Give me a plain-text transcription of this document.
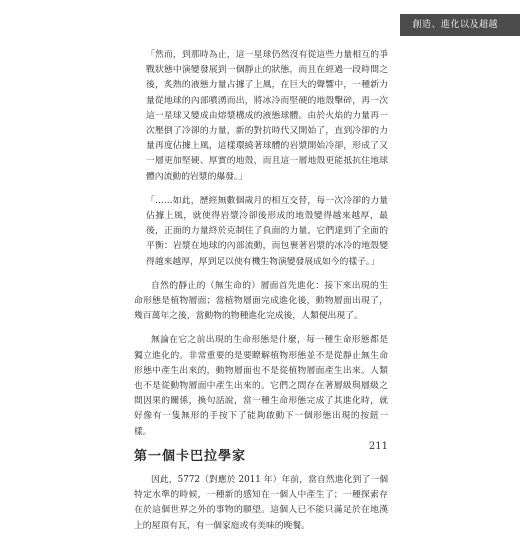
創造、進化以及超越

「然而，到那時為止，這一星球仍然沒有從這些力量相互的爭戰狀態中演變發展到一個靜止的狀態，而且在經過一段時間之後，炙熱的液態力量占據了上風，在巨大的聲響中，一種新力量從地球的內部噴湧而出，將冰冷而堅硬的地殼擊碎，再一次這一星球又變成由熔漿構成的液態球體。由於火焰的力量再一次壓倒了冷卻的力量，新的對抗時代又開始了，直到冷卻的力量再度佔據上風，這樣環繞著球體的岩漿開始冷卻，形成了又一層更加堅硬、厚實的地殼，而且這一層地殼更能抵抗住地球體內流動的岩漿的爆發。」

「……如此，歷經無數個歲月的相互交替，每一次冷卻的力量佔據上風，就使得岩漿冷卻後形成的地殼變得越來越厚，最後，正面的力量終於克制住了負面的力量，它們達到了全面的平衡：岩漿在地球的內部流動，而包裹著岩漿的冰冷的地殼變得越來越厚，厚到足以使有機生物演變發展成如今的樣子。」

自然的靜止的（無生命的）層面首先進化：接下來出現的生命形態是植物層面；當植物層面完成進化後，動物層面出現了，幾百萬年之後，當動物的物種進化完成後，人類便出現了。

無論在它之前出現的生命形態是什麼，每一種生命形態都是獨立進化的。非常重要的是要瞭解植物形態並不是從靜止無生命形態中產生出來的，動物層面也不是從植物層面產生出來。人類也不是從動物層面中產生出來的。它們之間存在著層級與層級之間因果的關係，換句話說，當一種生命形態完成了其進化時，就好像有一隻無形的手按下了能夠啟動下一個形態出現的按鈕一樣。

第一個卡巴拉學家

因此，5772（對應於 2011 年）年前，當自然進化到了一個特定水準的時候，一種新的感知在一個人中產生了；一種探索存在於這個世界之外的事物的願望。這個人已不能只滿足於在地漢上的屋頂有瓦，有一個家庭或有美味的晚餐。

211
